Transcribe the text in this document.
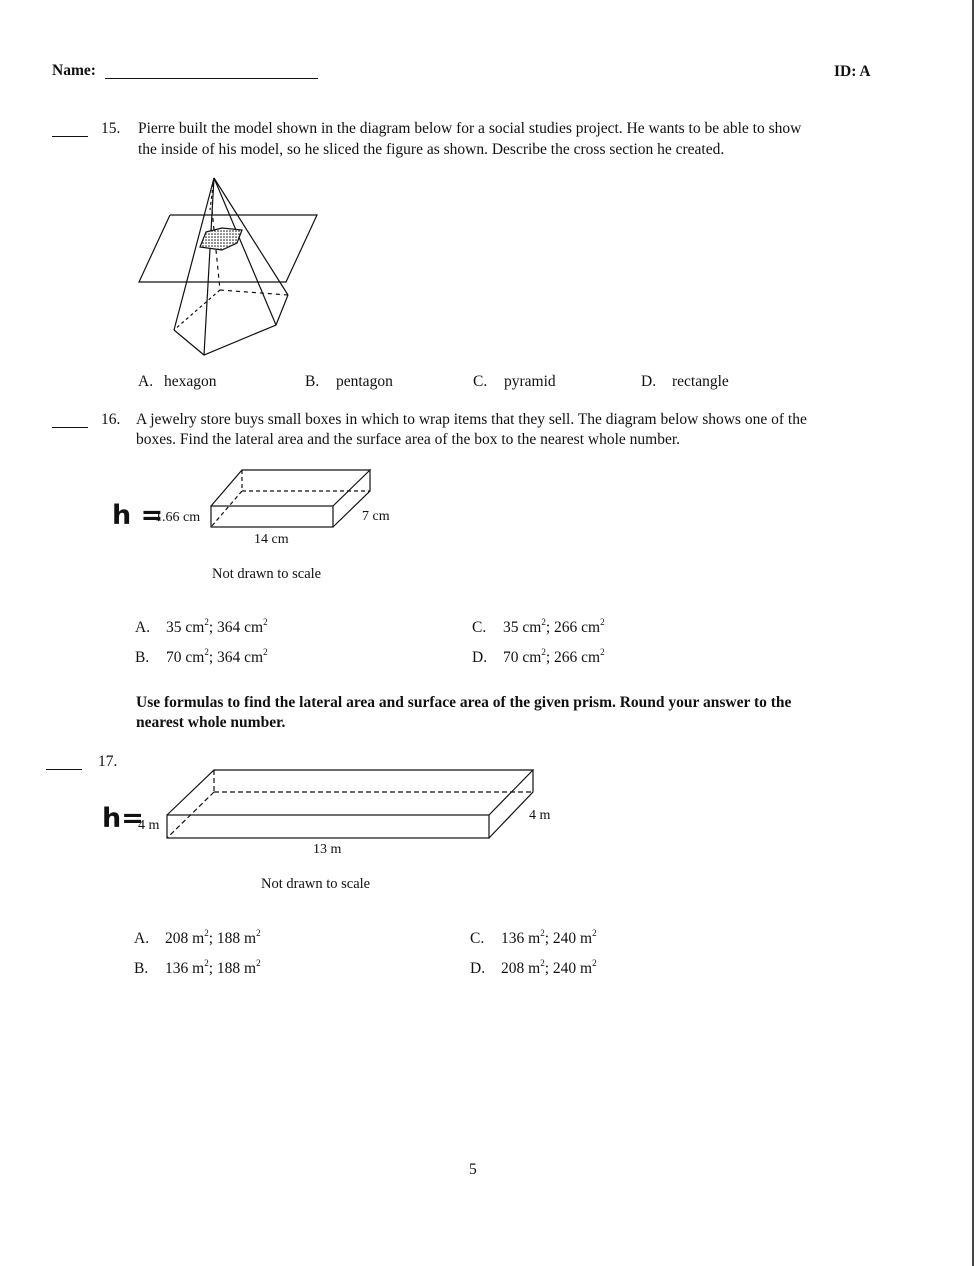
Name:	ID: A
15. Pierre built the model shown in the diagram below for a social studies project. He wants to be able to show
the inside of his model, so he sliced the figure as shown. Describe the cross section he created.
A. hexagon	B. pentagon	C. pyramid	D. rectangle
16. A jewelry store buys small boxes in which to wrap items that they sell. The diagram below shows one of the
boxes. Find the lateral area and the surface area of the box to the nearest whole number.
h =
1.66 cm	7 cm
14 cm
Not drawn to scale
A. 35 $cm^2$; 364 $cm^2$
B. 70 $cm^2$; 364 $cm^2$
C. 35 $cm^2$; 266 $cm^2$
D. 70 $cm^2$; 266 $cm^2$
Use formulas to find the lateral area and surface area of the given prism. Round your answer to the
nearest whole number.
17.
h=
4 m
4 m
13 m
Not drawn to scale
A. 208 $m^2$; 188 $m^2$
B. 136 $m^2$; 188 $m^2$
C. 136 $m^2$; 240 $m^2$
D. 208 $m^2$; 240 $m^2$
5
